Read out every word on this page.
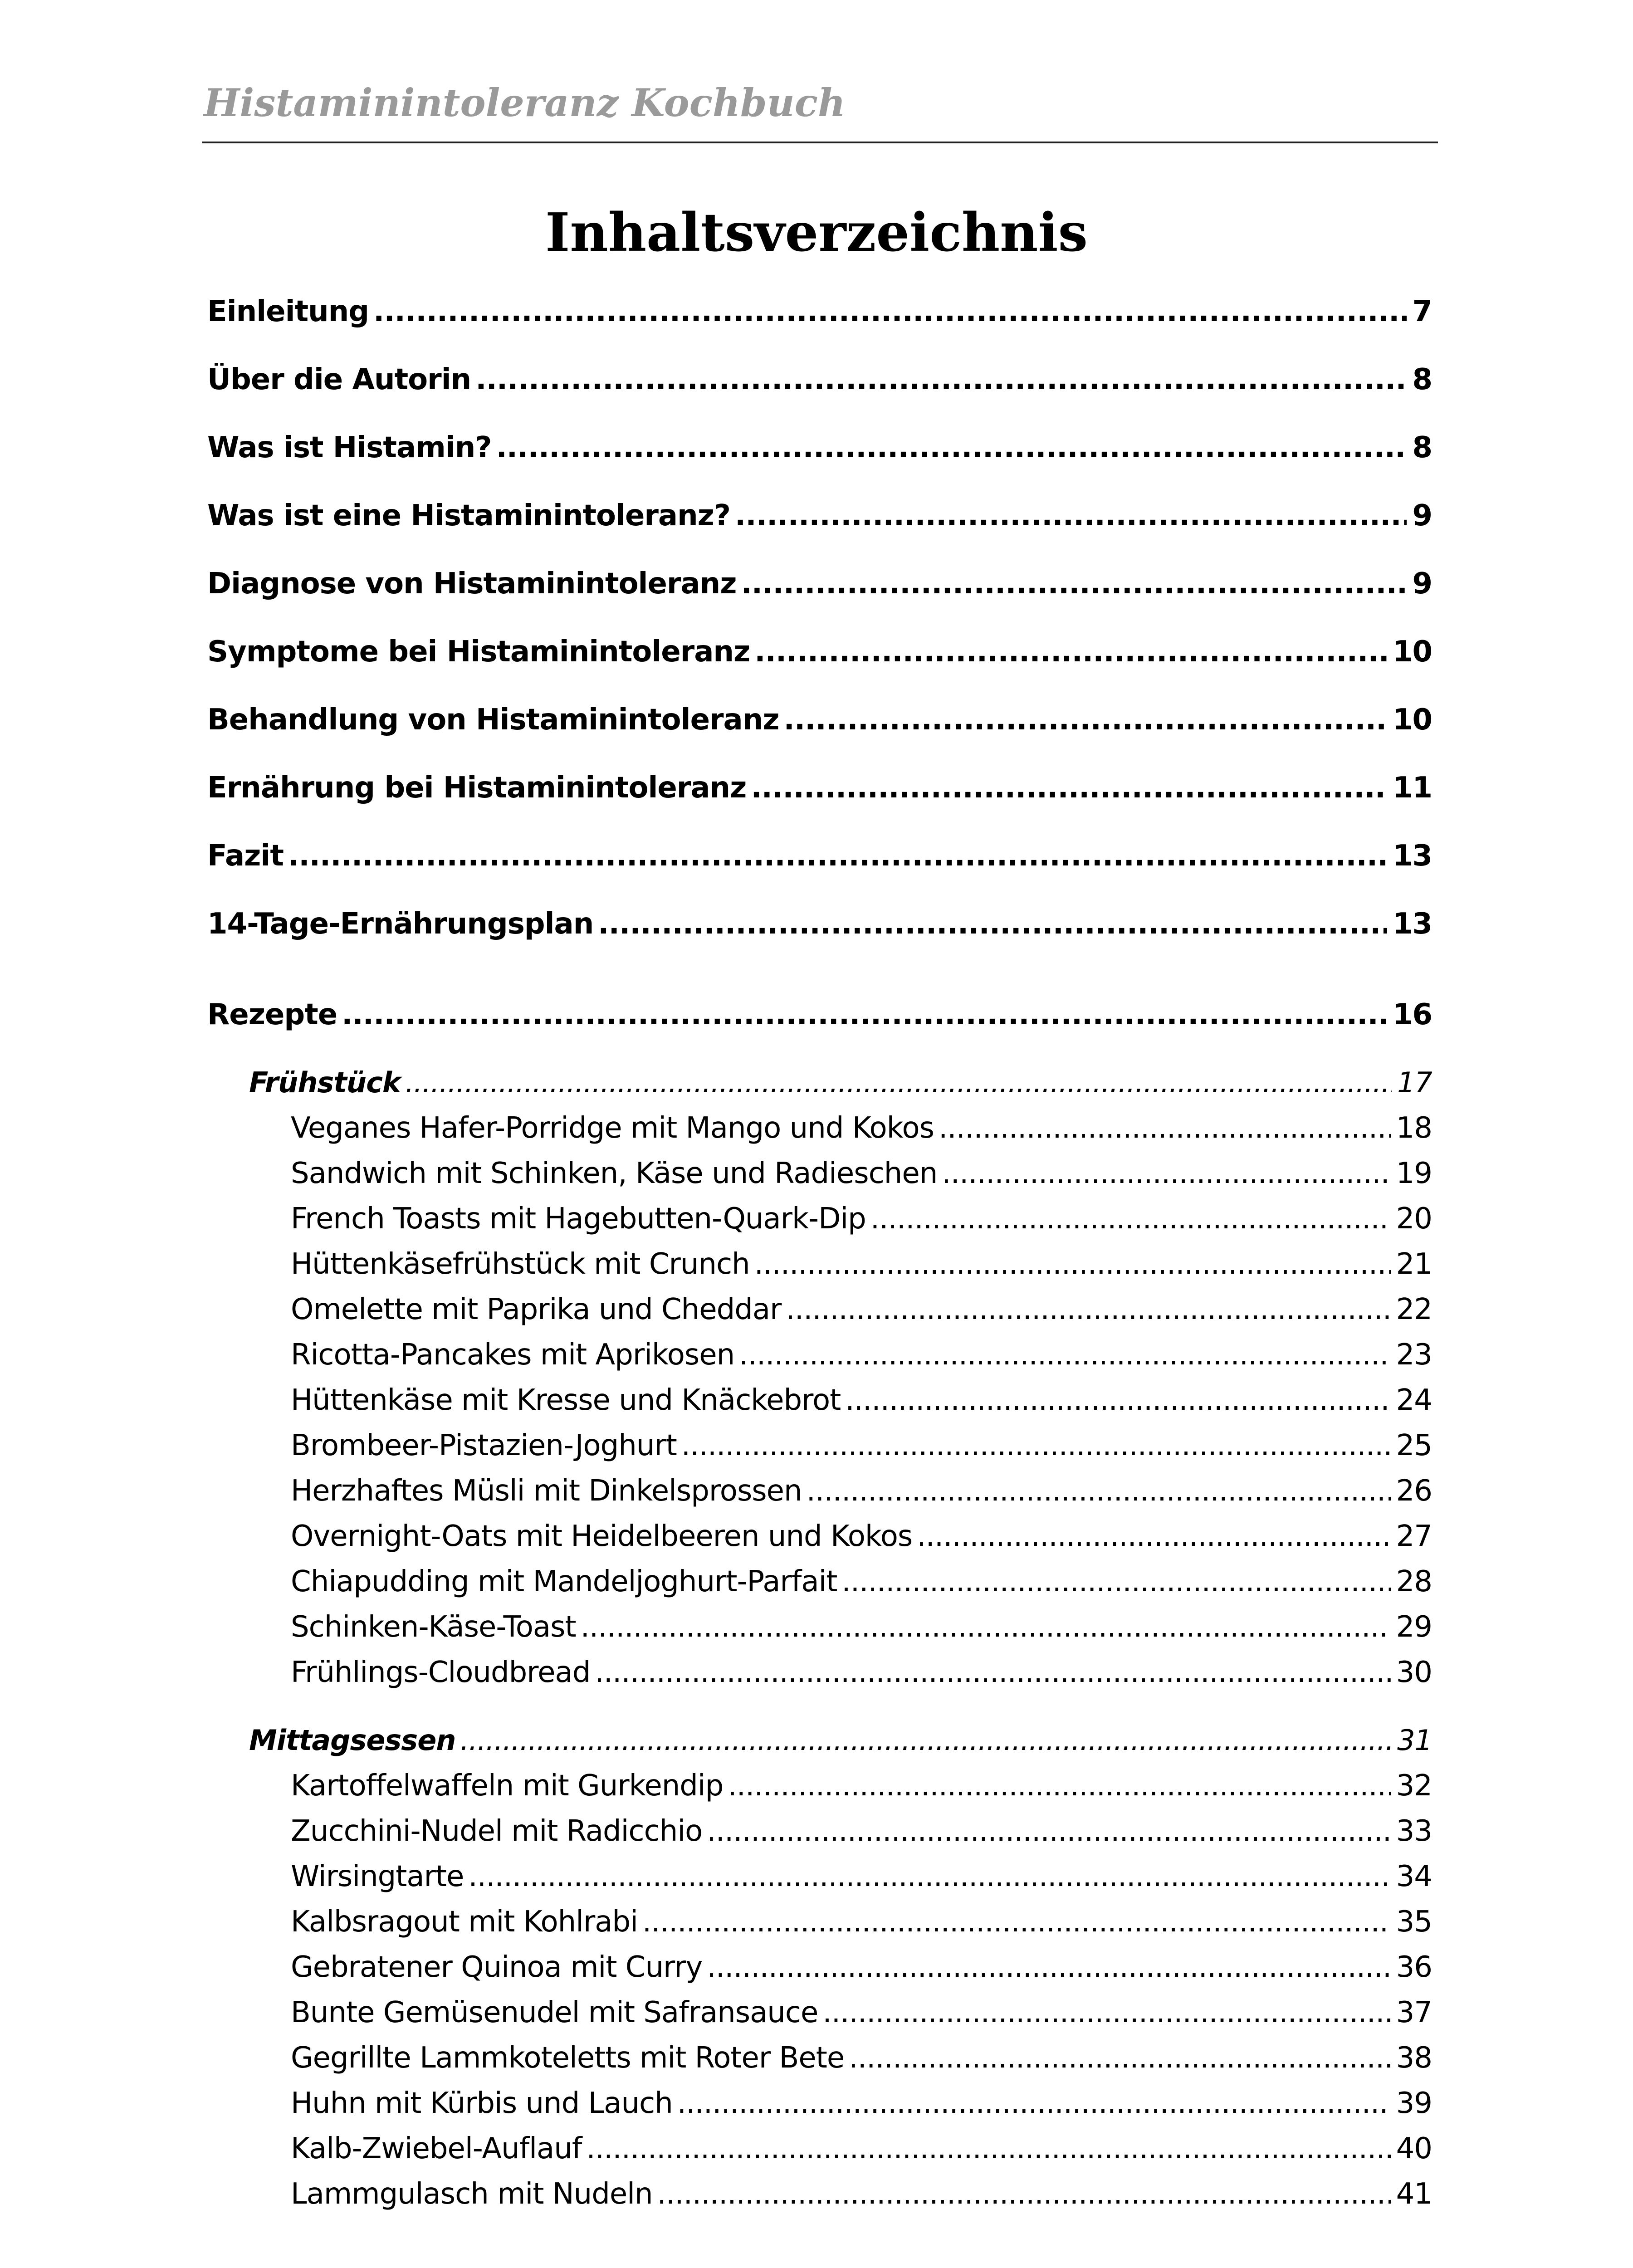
Histaminintoleranz Kochbuch
Inhaltsverzeichnis
Einleitung .....	7
Über die Autorin .....	8
Was ist Histamin? .....	8
Was ist eine Histaminintoleranz? .....	9
Diagnose von Histaminintoleranz .....	9
Symptome bei Histaminintoleranz .....	10
Behandlung von Histaminintoleranz .....	10
Ernährung bei Histaminintoleranz .....	11
Fazit .....	13
14-Tage-Ernährungsplan .....	13
Rezepte .....	16
Frühstück .....	17
Veganes Hafer-Porridge mit Mango und Kokos .....	18
Sandwich mit Schinken, Käse und Radieschen .....	19
French Toasts mit Hagebutten-Quark-Dip .....	20
Hüttenkäsefrühstück mit Crunch .....	21
Omelette mit Paprika und Cheddar .....	22
Ricotta-Pancakes mit Aprikosen .....	23
Hüttenkäse mit Kresse und Knäckebrot .....	24
Brombeer-Pistazien-Joghurt .....	25
Herzhaftes Müsli mit Dinkelsprossen .....	26
Overnight-Oats mit Heidelbeeren und Kokos .....	27
Chiapudding mit Mandeljoghurt-Parfait .....	28
Schinken-Käse-Toast .....	29
Frühlings-Cloudbread .....	30
Mittagsessen .....	31
Kartoffelwaffeln mit Gurkendip .....	32
Zucchini-Nudel mit Radicchio .....	33
Wirsingtarte .....	34
Kalbsragout mit Kohlrabi .....	35
Gebratener Quinoa mit Curry .....	36
Bunte Gemüsenudel mit Safransauce .....	37
Gegrillte Lammkoteletts mit Roter Bete .....	38
Huhn mit Kürbis und Lauch .....	39
Kalb-Zwiebel-Auflauf .....	40
Lammgulasch mit Nudeln .....	41
